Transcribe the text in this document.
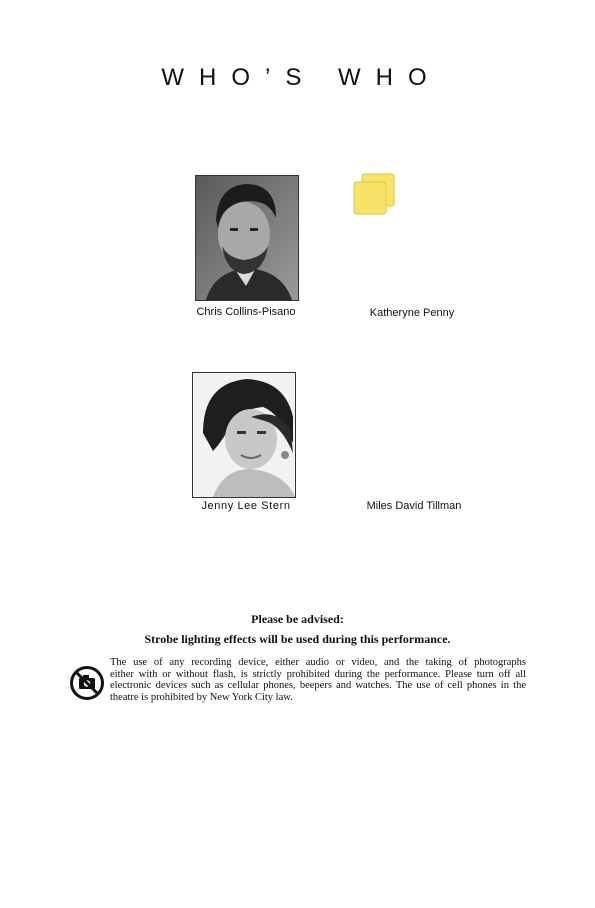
WHO’S WHO
Chris Collins-Pisano	Katheryne Penny
Jenny Lee Stern	Miles David Tillman
Please be advised:
Strobe lighting effects will be used during this performance.
The use of any recording device, either audio or video, and the taking of photographs
either with or without flash, is strictly prohibited during the performance. Please turn off all
electronic devices such as cellular phones, beepers and watches. The use of cell phones in the
theatre is prohibited by New York City law.
